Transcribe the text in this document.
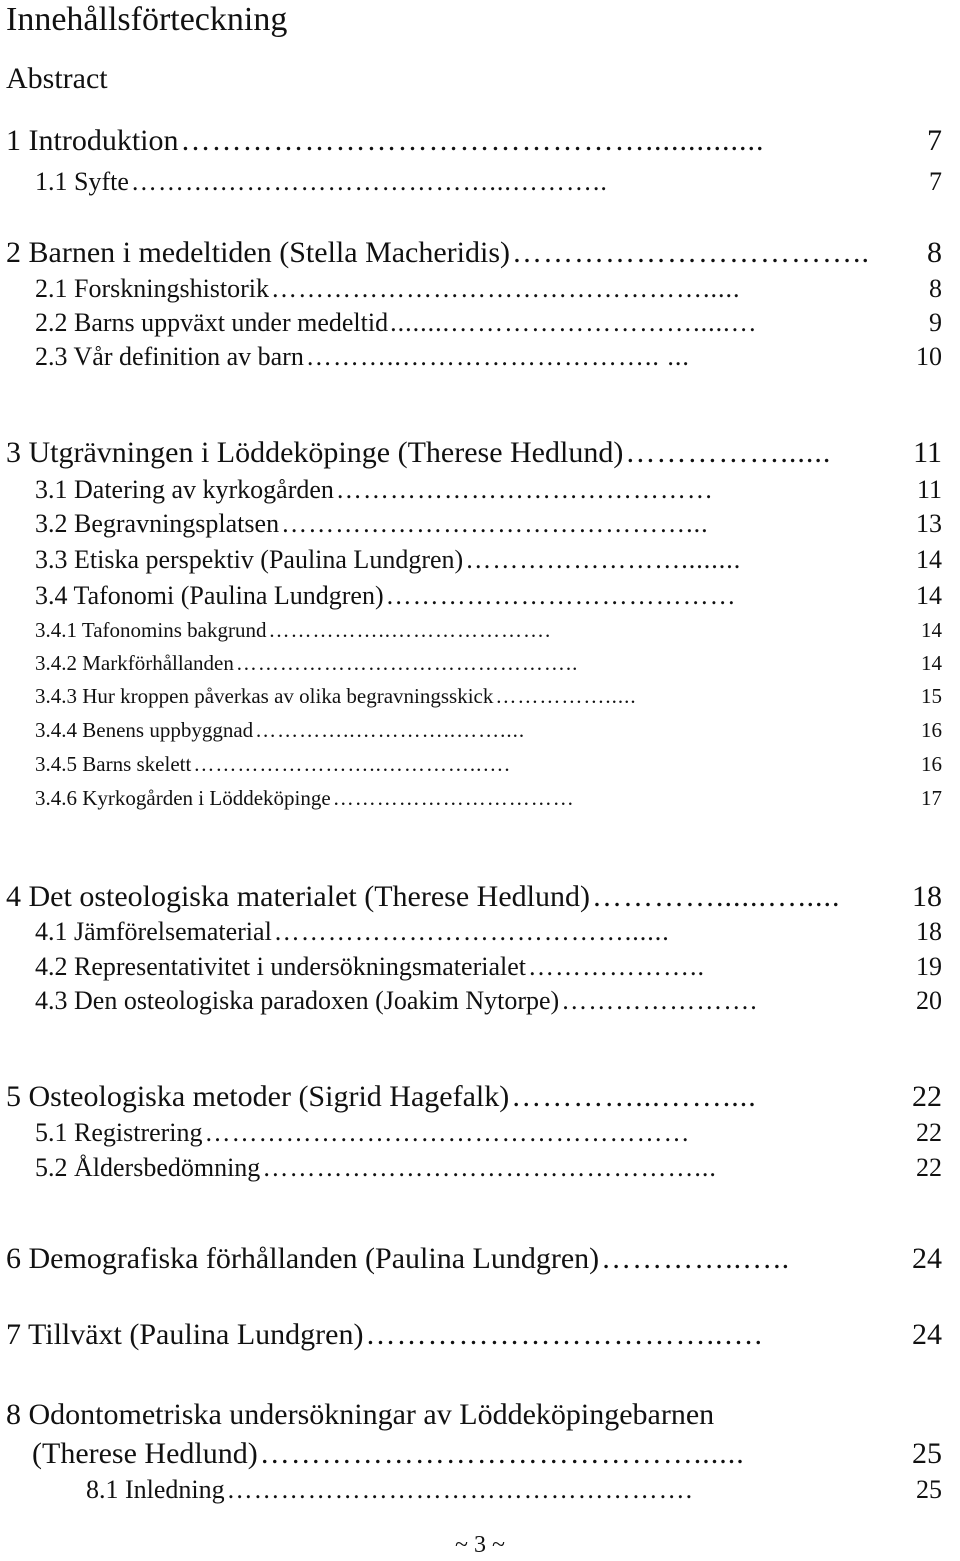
Innehållsförteckning
Abstract
1 Introduktion ………………………………………..............	7
1.1 Syfte ……….…………………………...………..	7
2 Barnen i medeltiden (Stella Macheridis) ……………………………..	8
2.1 Forskningshistorik ………………………………………….....	8
2.2 Barns uppväxt under medeltid ........……………………….....…	9
2.3 Vår definition av barn ………..……………………….. ...	10
3 Utgrävningen i Löddeköpinge (Therese Hedlund) ……………......	11
3.1 Datering av kyrkogården ……………………………………	11
3.2 Begravningsplatsen ………………………………………...	13
3.3 Etiska perspektiv (Paulina Lundgren) ……………………........	14
3.4 Tafonomi (Paulina Lundgren) …………………………………	14
3.4.1 Tafonomins bakgrund ……………..………………….	14
3.4.2 Markförhållanden ………………………………………..	14
3.4.3 Hur kroppen påverkas av olika begravningsskick …………….....	15
3.4.4 Benens uppbyggnad …………..…………..……....	16
3.4.5 Barns skelett ……………………..…………..….	16
3.4.6 Kyrkogården i Löddeköpinge ……………………………	17
4 Det osteologiska materialet (Therese Hedlund) …………......….....	18
4.1 Jämförelsematerial …………………………………......	18
4.2 Representativitet i undersökningsmaterialet ………………..	19
4.3 Den osteologiska paradoxen (Joakim Nytorpe) ………………….	20
5 Osteologiska metoder (Sigrid Hagefalk) …………...……....	22
5.1 Registrering ………………………………………………	22
5.2 Åldersbedömning …………………………………………...	22
6 Demografiska förhållanden (Paulina Lundgren) …………..…..	24
7 Tillväxt (Paulina Lundgren) ……………………………..….	24
8 Odontometriska undersökningar av Löddeköpingebarnen
(Therese Hedlund) ……………………………………......	25
8.1 Inledning …………………………………………….	25
~ 3 ~
